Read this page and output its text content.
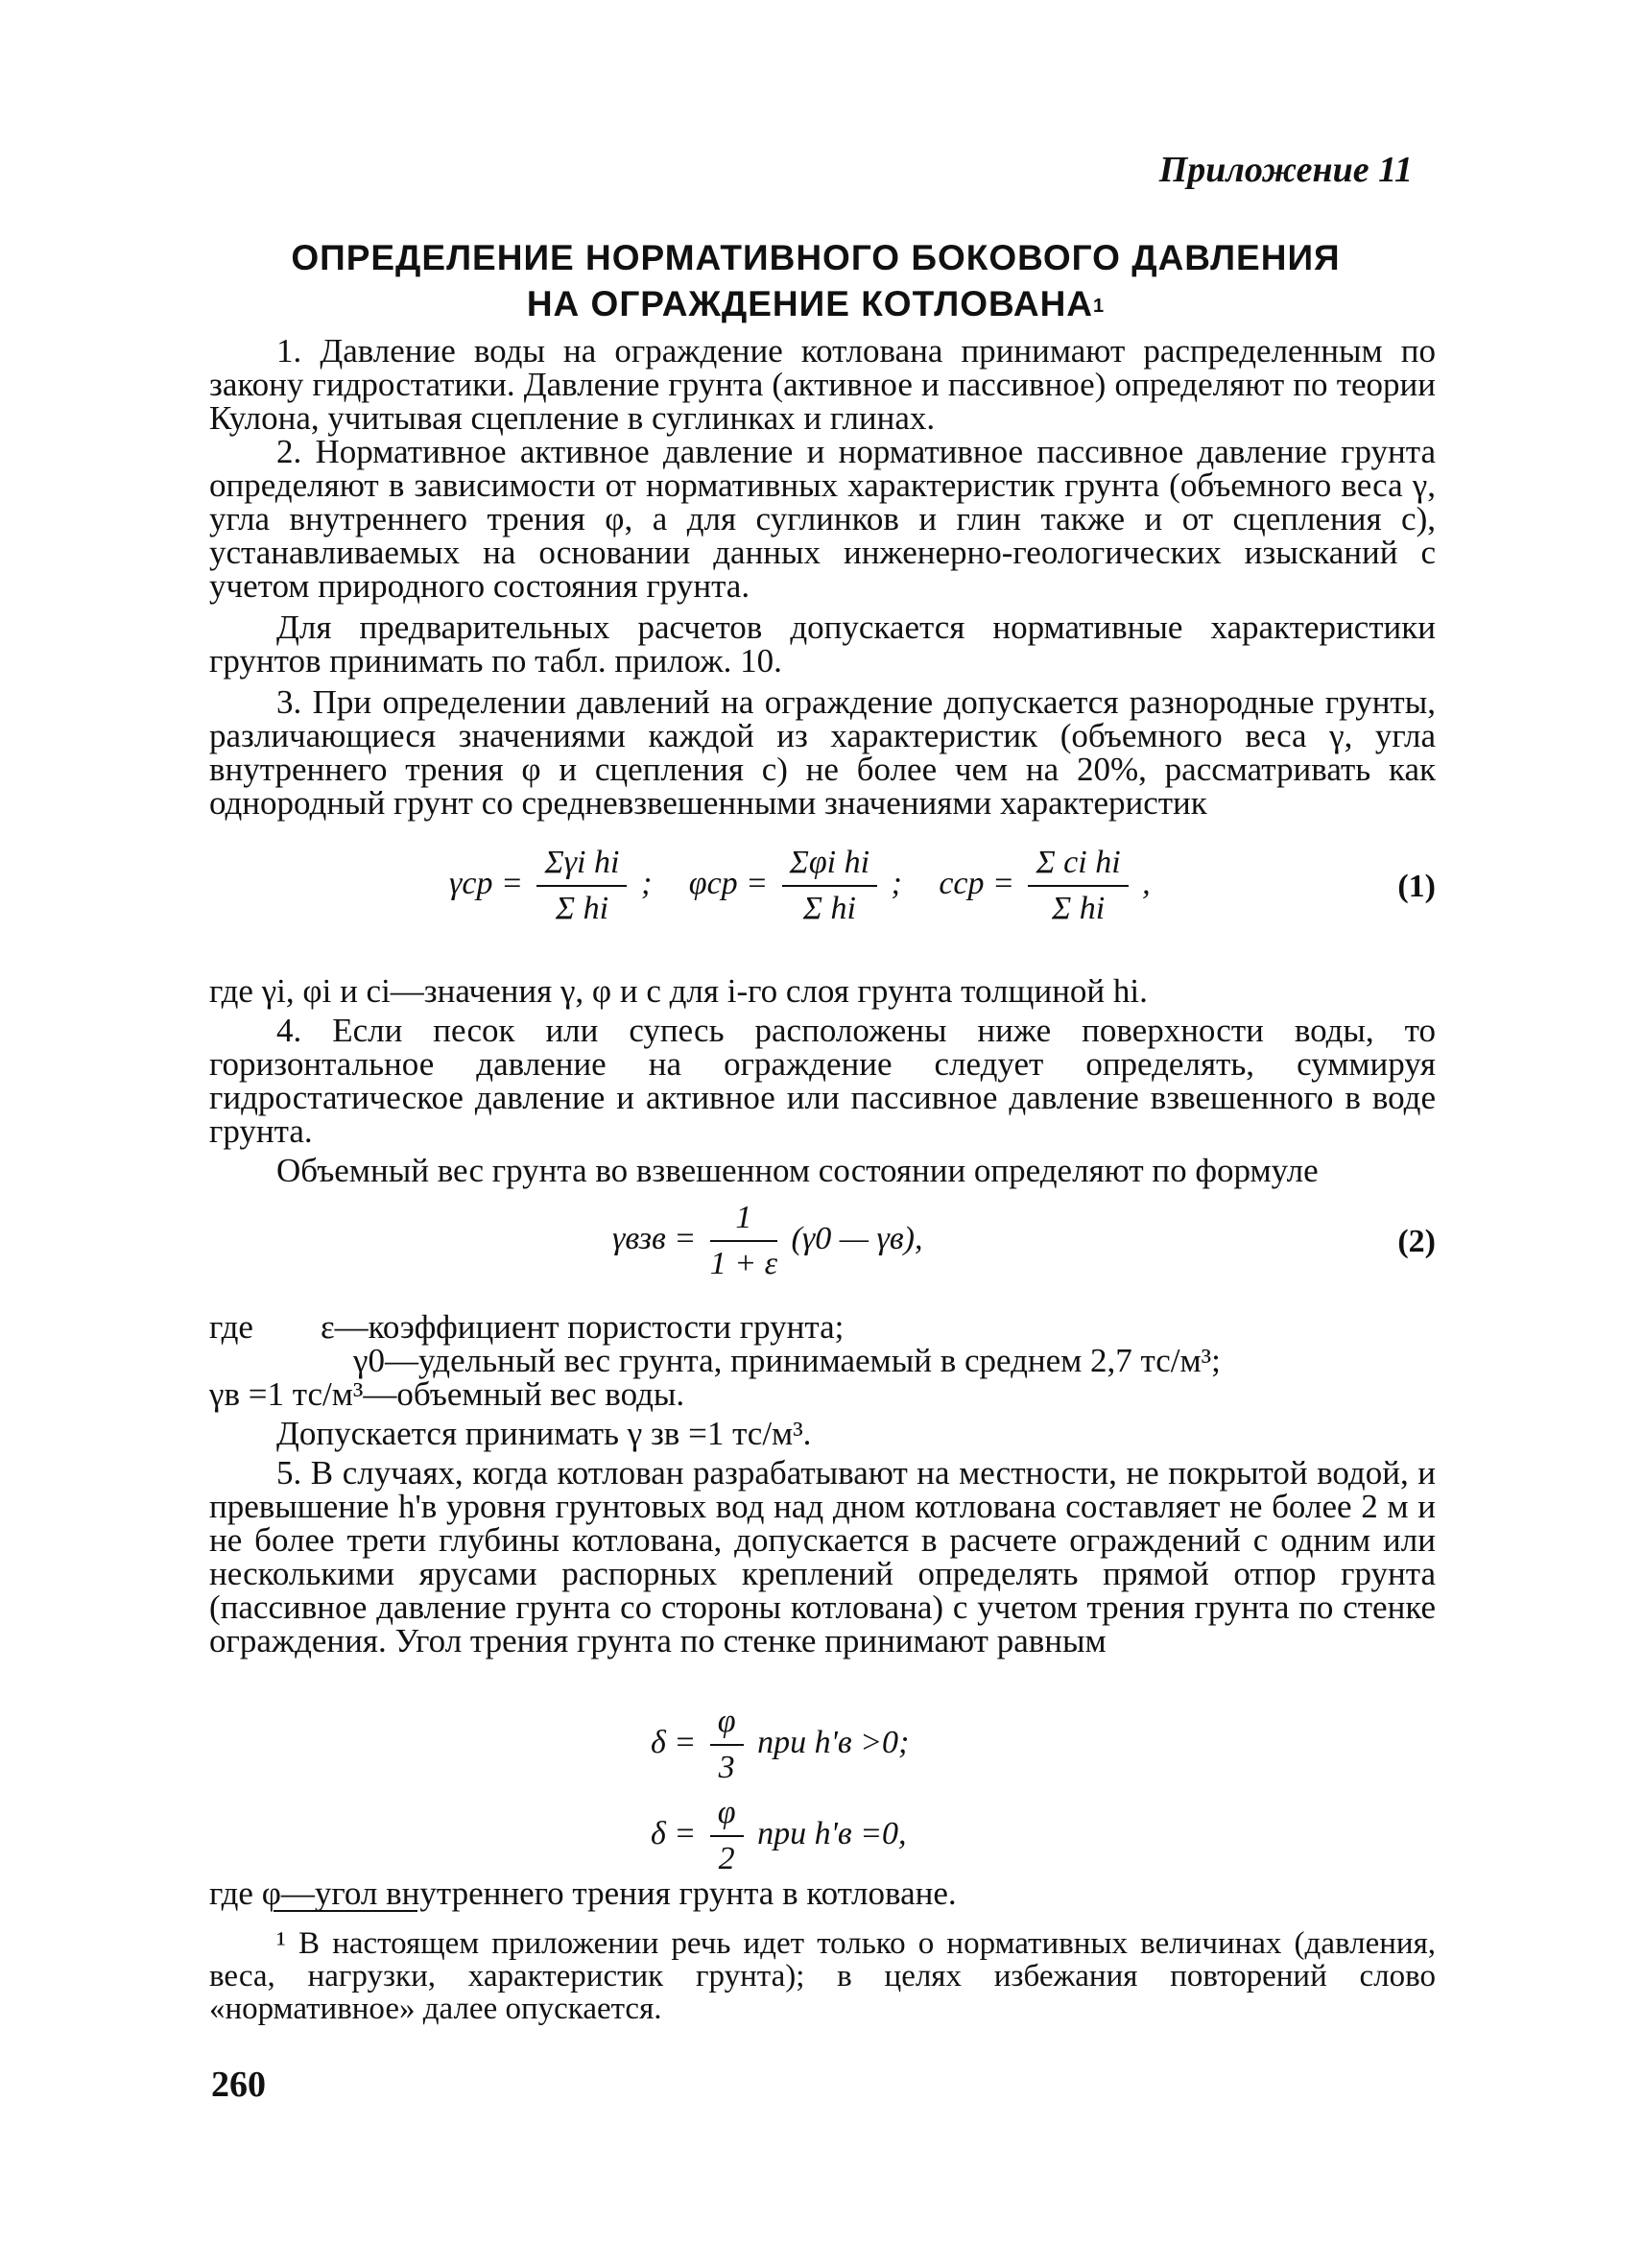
Приложение 11
ОПРЕДЕЛЕНИЕ НОРМАТИВНОГО БОКОВОГО ДАВЛЕНИЯ
НА ОГРАЖДЕНИЕ КОТЛОВАНА$^1$

1. Давление воды на ограждение котлована принимают распределенным по закону гидростатики. Давление грунта (активное и пассивное) определяют по теории Кулона, учитывая сцепление в суглинках и глинах.

2. Нормативное активное давление и нормативное пассивное давление грунта определяют в зависимости от нормативных характеристик грунта (объемного веса γ, угла внутреннего трения φ, а для суглинков и глин также и от сцепления c), устанавливаемых на основании данных инженерно-геологических изысканий с учетом природного состояния грунта.

Для предварительных расчетов допускается нормативные характеристики грунтов принимать по табл. прилож. 10.

3. При определении давлений на ограждение допускается разнородные грунты, различающиеся значениями каждой из характеристик (объемного веса γ, угла внутреннего трения φ и сцепления c) не более чем на 20%, рассматривать как однородный грунт со средневзвешенными значениями характеристик

$\gamma ср = \frac{\text{Σγi hi}}{\text{Σ hi}}$ ; $\varphi ср = \frac{\text{Σφi hi}}{\text{Σ hi}}$ ; cср = $\frac{\text{Σ ci hi}}{\text{Σ hi}}$ ,	(1)

где γi, φi и ci—значения γ, φ и c для i-го слоя грунта толщиной hi.

4. Если песок или супесь расположены ниже поверхности воды, то горизонтальное давление на ограждение следует определять, суммируя гидростатическое давление и активное или пассивное давление взвешенного в воде грунта.

Объемный вес грунта во взвешенном состоянии определяют по формуле

$\gamma взв = \frac{1}{1 + \varepsilon} (\gamma 0$ — γв),	(2)

где        ε—коэффициент пористости грунта;

γ0—удельный вес грунта, принимаемый в среднем 2,7 тс/м³;

γв =1 тс/м³—объемный вес воды.

Допускается принимать γ зв =1 тс/м³.

5. В случаях, когда котлован разрабатывают на местности, не покрытой водой, и превышение h'в уровня грунтовых вод над дном котлована составляет не более 2 м и не более трети глубины котлована, допускается в расчете ограждений с одним или несколькими ярусами распорных креплений определять прямой отпор грунта (пассивное давление грунта со стороны котлована) с учетом трения грунта по стенке ограждения. Угол трения грунта по стенке принимают равным

$\delta = \frac{\varphi}{3}$ при h'в >0;
$\delta = \frac{\varphi}{2}$ при h'в =0,

где φ—угол внутреннего трения грунта в котловане.

¹ В настоящем приложении речь идет только о нормативных величинах (давления, веса, нагрузки, характеристик грунта); в целях избежания повторений слово «нормативное» далее опускается.

260
